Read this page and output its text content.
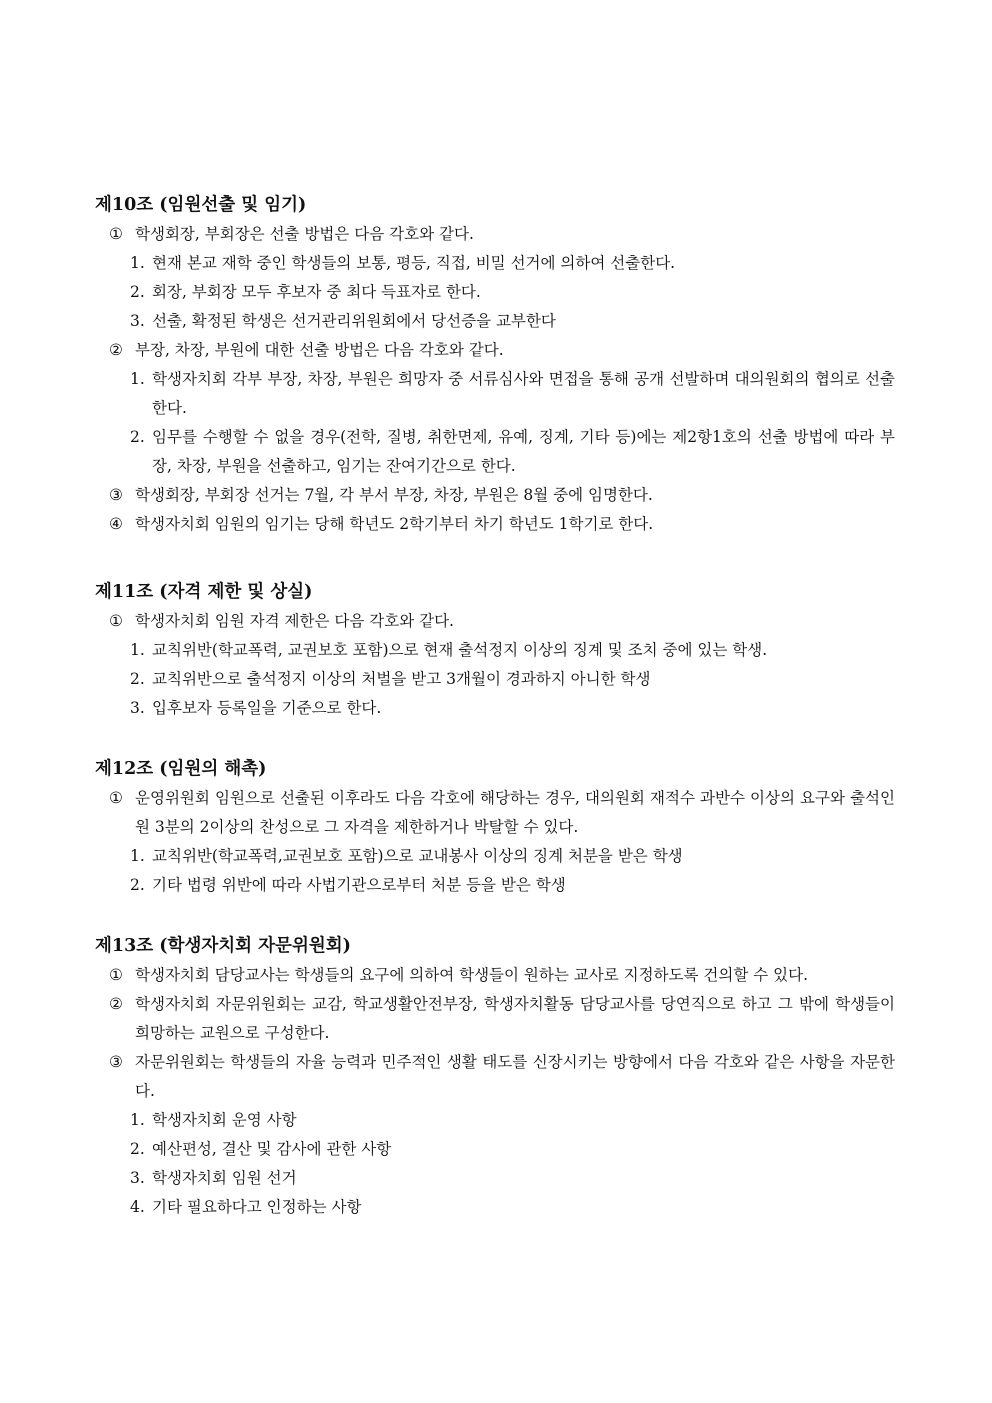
제10조 (임원선출 및 임기)

① 학생회장, 부회장은 선출 방법은 다음 각호와 같다.

1. 현재 본교 재학 중인 학생들의 보통, 평등, 직접, 비밀 선거에 의하여 선출한다.

2. 회장, 부회장 모두 후보자 중 최다 득표자로 한다.

3. 선출, 확정된 학생은 선거관리위원회에서 당선증을 교부한다

② 부장, 차장, 부원에 대한 선출 방법은 다음 각호와 같다.

1. 학생자치회 각부 부장, 차장, 부원은 희망자 중 서류심사와 면접을 통해 공개 선발하며 대의원회의 협의로 선출한다.

2. 임무를 수행할 수 없을 경우(전학, 질병, 취한면제, 유예, 징계, 기타 등)에는 제2항1호의 선출 방법에 따라 부장, 차장, 부원을 선출하고, 임기는 잔여기간으로 한다.

③ 학생회장, 부회장 선거는 7월, 각 부서 부장, 차장, 부원은 8월 중에 임명한다.

④ 학생자치회 임원의 임기는 당해 학년도 2학기부터 차기 학년도 1학기로 한다.

제11조 (자격 제한 및 상실)

① 학생자치회 임원 자격 제한은 다음 각호와 같다.

1. 교칙위반(학교폭력, 교권보호 포함)으로 현재 출석정지 이상의 징계 및 조치 중에 있는 학생.

2. 교칙위반으로 출석정지 이상의 처벌을 받고 3개월이 경과하지 아니한 학생

3. 입후보자 등록일을 기준으로 한다.

제12조 (임원의 해촉)

① 운영위원회 임원으로 선출된 이후라도 다음 각호에 해당하는 경우, 대의원회 재적수 과반수 이상의 요구와 출석인원 3분의 2이상의 찬성으로 그 자격을 제한하거나 박탈할 수 있다.

1. 교칙위반(학교폭력,교권보호 포함)으로 교내봉사 이상의 징계 처분을 받은 학생

2. 기타 법령 위반에 따라 사법기관으로부터 처분 등을 받은 학생

제13조 (학생자치회 자문위원회)

① 학생자치회 담당교사는 학생들의 요구에 의하여 학생들이 원하는 교사로 지정하도록 건의할 수 있다.

② 학생자치회 자문위원회는 교감, 학교생활안전부장, 학생자치활동 담당교사를 당연직으로 하고 그 밖에 학생들이 희망하는 교원으로 구성한다.

③ 자문위원회는 학생들의 자율 능력과 민주적인 생활 태도를 신장시키는 방향에서 다음 각호와 같은 사항을 자문한다.

1. 학생자치회 운영 사항

2. 예산편성, 결산 및 감사에 관한 사항

3. 학생자치회 임원 선거

4. 기타 필요하다고 인정하는 사항
